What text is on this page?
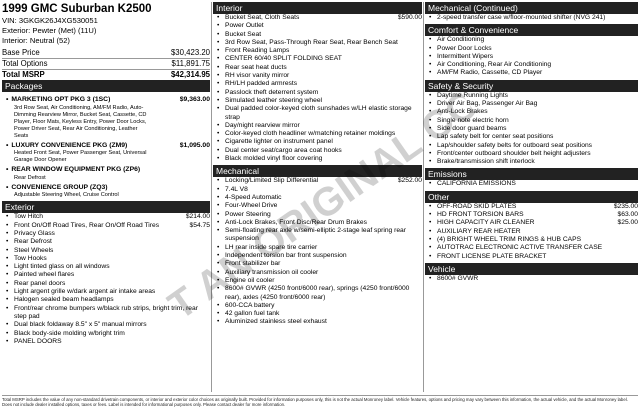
1999 GMC Suburban K2500
VIN: 3GKGK26J4XG530051
Exterior: Pewter (Met) (11U)
Interior: Neutral (52)
Base Price	$30,423.20
Total Options	$11,891.75
Total MSRP	$42,314.95
Packages
• MARKETING OPT PKG 3 (1SC)	$9,363.00
3rd Row Seat, Air Conditioning, AM/FM Radio, Auto-Dimming Rearview Mirror, Bucket Seat, Cassette, CD Player, Floor Mats, Keyless Entry, Power Door Locks, Power Driver Seat, Rear Air Conditioning, Leather Seats
• LUXURY CONVENIENCE PKG (ZM9)	$1,095.00
Heated Front Seat, Power Passenger Seat, Universal Garage Door Opener
• REAR WINDOW EQUIPMENT PKG (ZP6)
Rear Defrost
• CONVENIENCE GROUP (ZQ3)
Adjustable Steering Wheel, Cruise Control
Exterior
• Tow Hitch	$214.00
• Front On/Off Road Tires, Rear On/Off Road Tires	$54.75
• Privacy Glass
• Rear Defrost
• Steel Wheels
• Tow Hooks
• Light tinted glass on all windows
• Painted wheel flares
• Rear panel doors
• Light argent grille w/dark argent air intake areas
• Halogen sealed beam headlamps
• Front/rear chrome bumpers w/black rub strips, bright trim, rear step pad
• Dual black foldaway 8.5" x 5" manual mirrors
• Black body-side molding w/bright trim
• PANEL DOORS
Interior
• Bucket Seat, Cloth Seats	$590.00
• Power Outlet
• Bucket Seat
• 3rd Row Seat, Pass-Through Rear Seat, Rear Bench Seat
• Front Reading Lamps
• CENTER 60/40 SPLIT FOLDING SEAT
• Rear seat heat ducts
• RH visor vanity mirror
• RH/LH padded armrests
• Passlock theft deterrent system
• Simulated leather steering wheel
• Dual padded color-keyed cloth sunshades w/LH elastic storage strap
• Day/night rearview mirror
• Color-keyed cloth headliner w/matching retainer moldings
• Cigarette lighter on instrument panel
• Dual center seat/cargo area coat hooks
• Black molded vinyl floor covering
Mechanical
• Locking/Limited Slip Differential	$252.00
• 7.4L V8
• 4-Speed Automatic
• Four-Wheel Drive
• Power Steering
• Anti-Lock Brakes, Front Disc/Rear Drum Brakes
• Semi-floating rear axle w/semi-elliptic 2-stage leaf spring rear suspension
• LH rear inside spare tire carrier
• Independent torsion bar front suspension
• Front stabilizer bar
• Auxiliary transmission oil cooler
• Engine oil cooler
• 8600# GVWR (4250 front/6000 rear), springs (4250 front/6000 rear), axles (4250 front/6000 rear)
• 600-CCA battery
• 42 gallon fuel tank
• Aluminized stainless steel exhaust
Mechanical (Continued)
• 2-speed transfer case w/floor-mounted shifter (NVG 241)
Comfort & Convenience
• Air Conditioning
• Power Door Locks
• Intermittent Wipers
• Air Conditioning, Rear Air Conditioning
• AM/FM Radio, Cassette, CD Player
Safety & Security
• Daytime Running Lights
• Driver Air Bag, Passenger Air Bag
• Anti-Lock Brakes
• Single note electric horn
• Side door guard beams
• Lap safety belt for center seat positions
• Lap/shoulder safety belts for outboard seat positions
• Front/center outboard shoulder belt height adjusters
• Brake/transmission shift interlock
Emissions
• CALIFORNIA EMISSIONS
Other
• OFF-ROAD SKID PLATES	$235.00
• HD FRONT TORSION BARS	$63.00
• HIGH CAPACITY AIR CLEANER	$25.00
• AUXILIARY REAR HEATER
• (4) BRIGHT WHEEL TRIM RINGS & HUB CAPS
• AUTOTRAC ELECTRONIC ACTIVE TRANSFER CASE
• FRONT LICENSE PLATE BRACKET
Vehicle
• 8600# GVWR
Total MSRP includes the value of any non-standard drivetrain components, or interior and exterior color choices as originally built. Provided for information purposes only, this is not the actual Monroney label. Vehicle features, options and pricing may vary between this information, the actual vehicle, and the actual Monroney label. Does not include dealer installed options, taxes or fees. Label is intended for informational purposes only. Please contact dealer for more information.
NOT AN ORIGINAL COPY
